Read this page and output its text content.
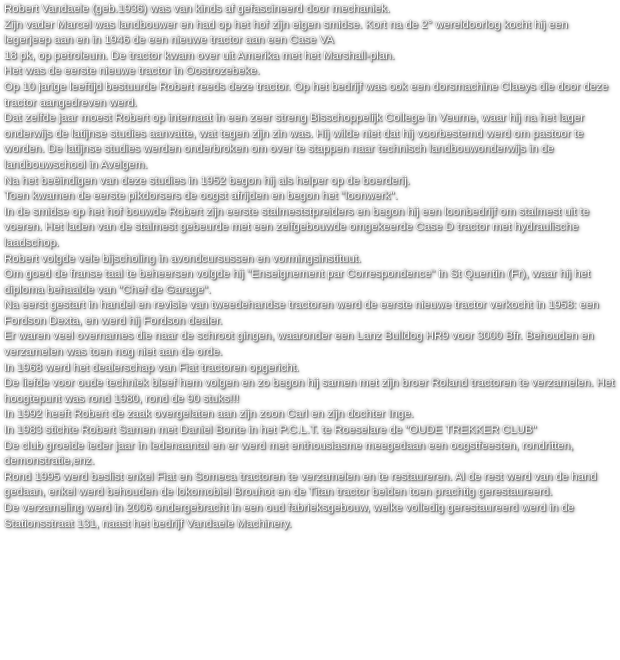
Robert Vandaele (geb.1936) was van kinds af gefascineerd door mechaniek.

Zijn vader Marcel was landbouwer en had op het hof zijn eigen smidse. Kort na de 2° wereldoorlog kocht hij een legerjeep aan en in 1946 de een nieuwe tractor aan een Case VA

18 pk, op petroleum. De tractor kwam over uit Amerika met het Marshall-plan.

Het was de eerste nieuwe tractor in Oostrozebeke.

Op 10 jarige leeftijd bestuurde Robert reeds deze tractor. Op het bedrijf was ook een dorsmachine Claeys die door deze tractor aangedreven werd.

Dat zelfde jaar moest Robert op internaat in een zeer streng Bisschoppelijk College in Veurne, waar hij na het lager onderwijs de latijnse studies aanvatte, wat tegen zijn zin was. Hij wilde niet dat hij voorbestemd werd om pastoor te worden. De latijnse studies werden onderbroken om over te stappen naar technisch landbouwonderwijs in de landbouwschool in Avelgem.

Na het beëindigen van deze studies in 1952 begon hij als helper op de boerderij.

Toen kwamen de eerste pikdorsers de oogst afrijden en begon het "loonwerk".

In de smidse op het hof bouwde Robert zijn eerste stalmeststpreiders en begon hij een loonbedrijf om stalmest uit te voeren. Het laden van de stalmest gebeurde met een zelfgebouwde omgekeerde Case D tractor met hydraulische laadschop.

Robert volgde vele bijscholing in avondcursussen en vormingsinstituut.

Om goed de franse taal te beheersen volgde hij "Enseignement par Correspondence" in St Quentin (Fr), waar hij het diploma behaalde van "Chef de Garage".

Na eerst gestart in handel en revisie van tweedehandse tractoren werd de eerste nieuwe tractor verkocht in 1958: een Fordson Dexta, en werd hij Fordson dealer.

Er waren veel overnames die naar de schroot gingen, waaronder een Lanz Bulldog HR9 voor 3000 Bfr. Behouden en verzamelen was toen nog niet aan de orde.

In 1968 werd het dealerschap van Fiat tractoren opgericht.

De liefde voor oude techniek bleef hem volgen en zo begon hij samen met zijn broer Roland tractoren te verzamelen. Het hoogtepunt was rond 1980, rond de 90 stuks!!!

In 1992 heeft Robert de zaak overgelaten aan zijn zoon Carl en zijn dochter Inge.

In 1983 stichte Robert Samen met Daniel Bonte in het P.C.L.T. te Roeselare de "OUDE TREKKER CLUB"

De club groeide ieder jaar in ledenaantal en er werd met enthousiasme meegedaan een oogstfeesten, rondritten, demonstratie,enz.

Rond 1995 werd beslist enkel Fiat en Someca tractoren te verzamelen en te restaureren. Al de rest werd van de hand gedaan, enkel werd behouden de lokomobiel Brouhot en de Titan tractor beiden toen prachtig gerestaureerd.

De verzameling werd in 2006 ondergebracht in een oud fabrieksgebouw, welke volledig gerestaureerd werd in de Stationsstraat 131, naast het bedrijf Vandaele Machinery.
